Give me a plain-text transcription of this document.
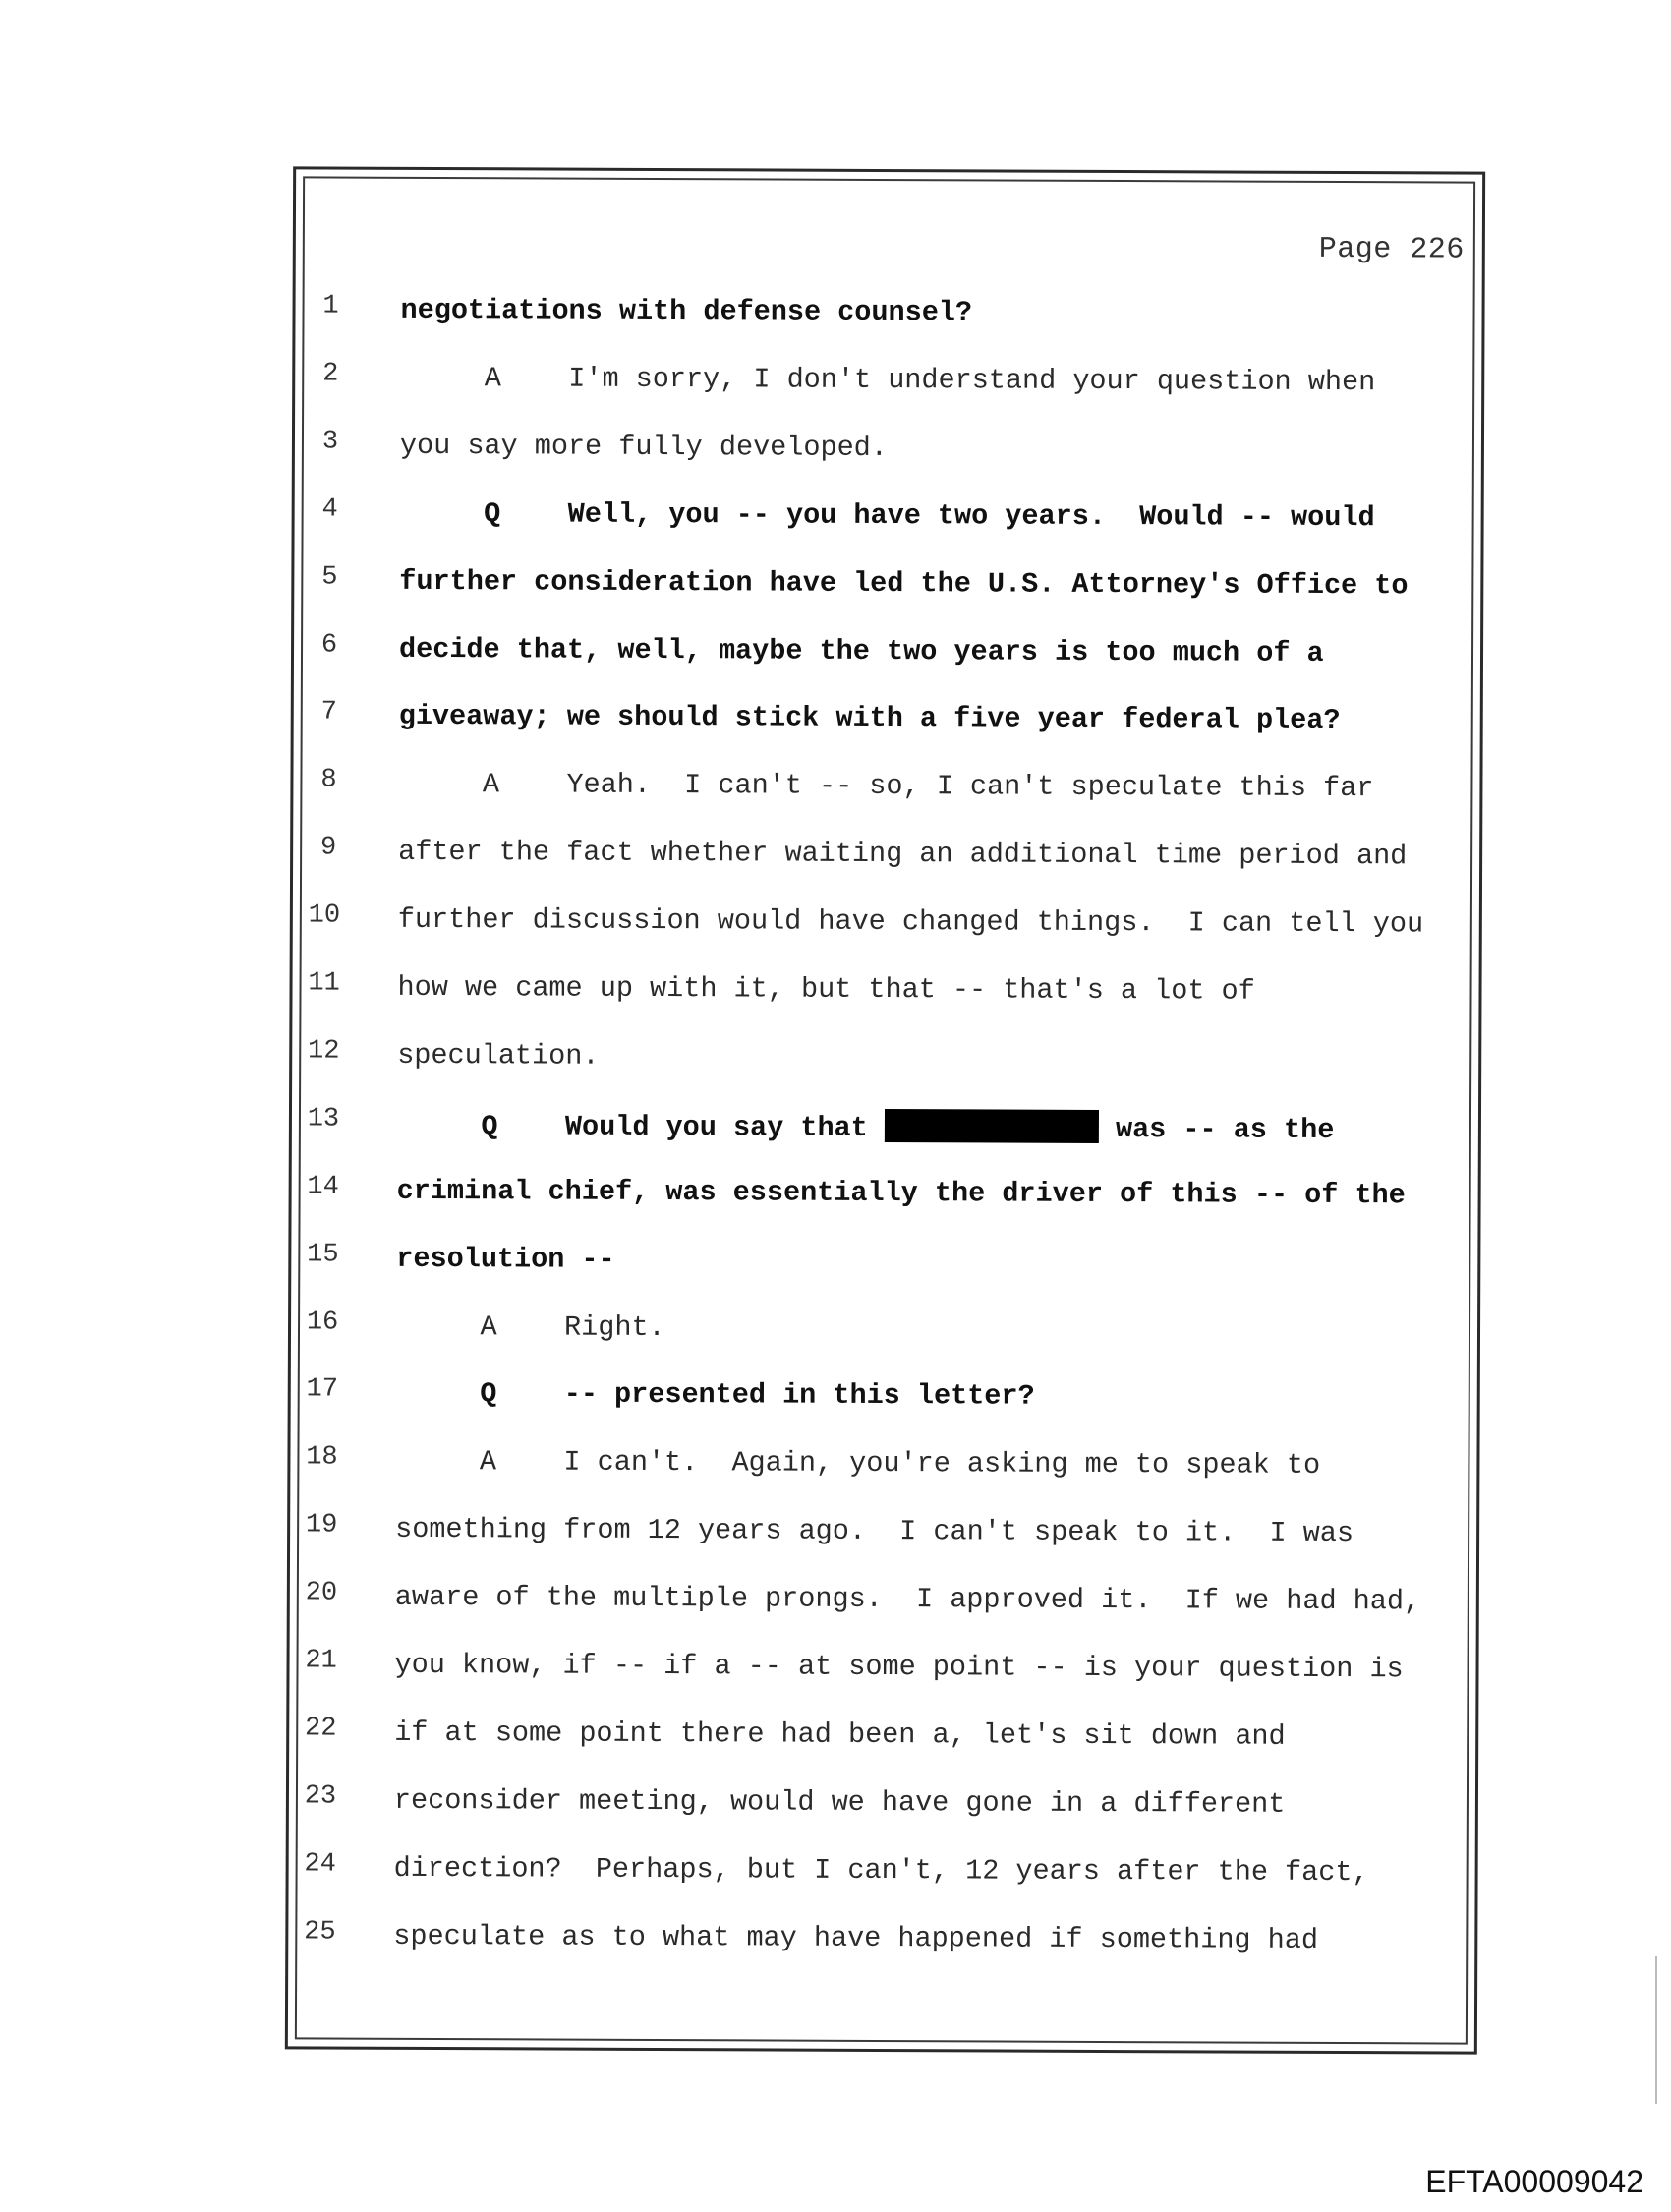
Page 226
1	negotiations with defense counsel?
2	A    I'm sorry, I don't understand your question when
3	you say more fully developed.
4	Q    Well, you -- you have two years.  Would -- would
5	further consideration have led the U.S. Attorney's Office to
6	decide that, well, maybe the two years is too much of a
7	giveaway; we should stick with a five year federal plea?
8	A    Yeah.  I can't -- so, I can't speculate this far
9	after the fact whether waiting an additional time period and
10	further discussion would have changed things.  I can tell you
11	how we came up with it, but that -- that's a lot of
12	speculation.
13	Q    Would you say that	was -- as the
14	criminal chief, was essentially the driver of this -- of the
15	resolution --
16	A    Right.
17	Q    -- presented in this letter?
18	A    I can't.  Again, you're asking me to speak to
19	something from 12 years ago.  I can't speak to it.  I was
20	aware of the multiple prongs.  I approved it.  If we had had,
21	you know, if -- if a -- at some point -- is your question is
22	if at some point there had been a, let's sit down and
23	reconsider meeting, would we have gone in a different
24	direction?  Perhaps, but I can't, 12 years after the fact,
25	speculate as to what may have happened if something had
EFTA00009042
